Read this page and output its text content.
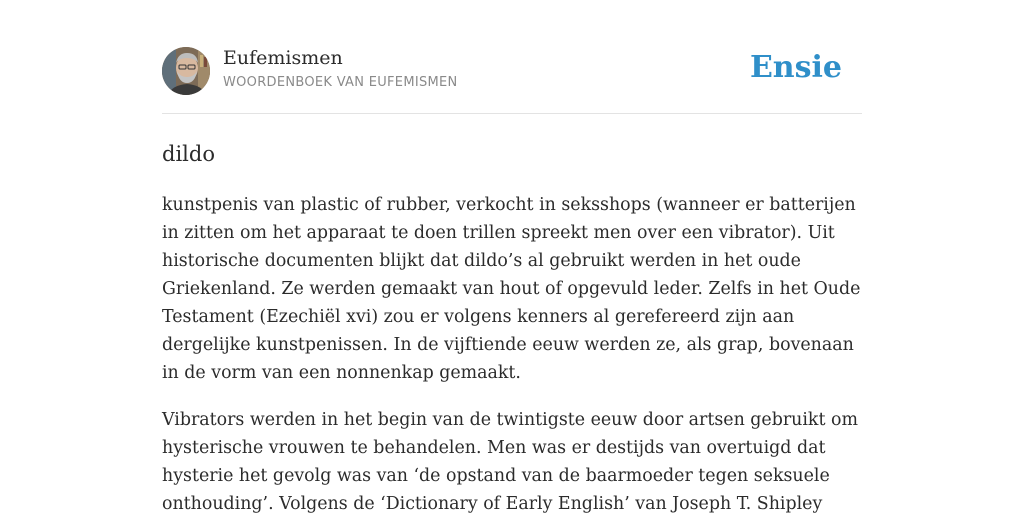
Eufemismen
WOORDENBOEK VAN EUFEMISMEN	Ensie
dildo

kunstpenis van plastic of rubber, verkocht in seksshops (wanneer er batterijen in zitten om het apparaat te doen trillen spreekt men over een vibrator). Uit historische documenten blijkt dat dildo’s al gebruikt werden in het oude Griekenland. Ze werden gemaakt van hout of opgevuld leder. Zelfs in het Oude Testament (Ezechiël xvi) zou er volgens kenners al gerefereerd zijn aan dergelijke kunstpenissen. In de vijftiende eeuw werden ze, als grap, bovenaan in de vorm van een nonnenkap gemaakt.

Vibrators werden in het begin van de twintigste eeuw door artsen gebruikt om hysterische vrouwen te behandelen. Men was er destijds van overtuigd dat hysterie het gevolg was van ‘de opstand van de baarmoeder tegen seksuele onthouding’. Volgens de ‘Dictionary of Early English’ van Joseph T. Shipley
